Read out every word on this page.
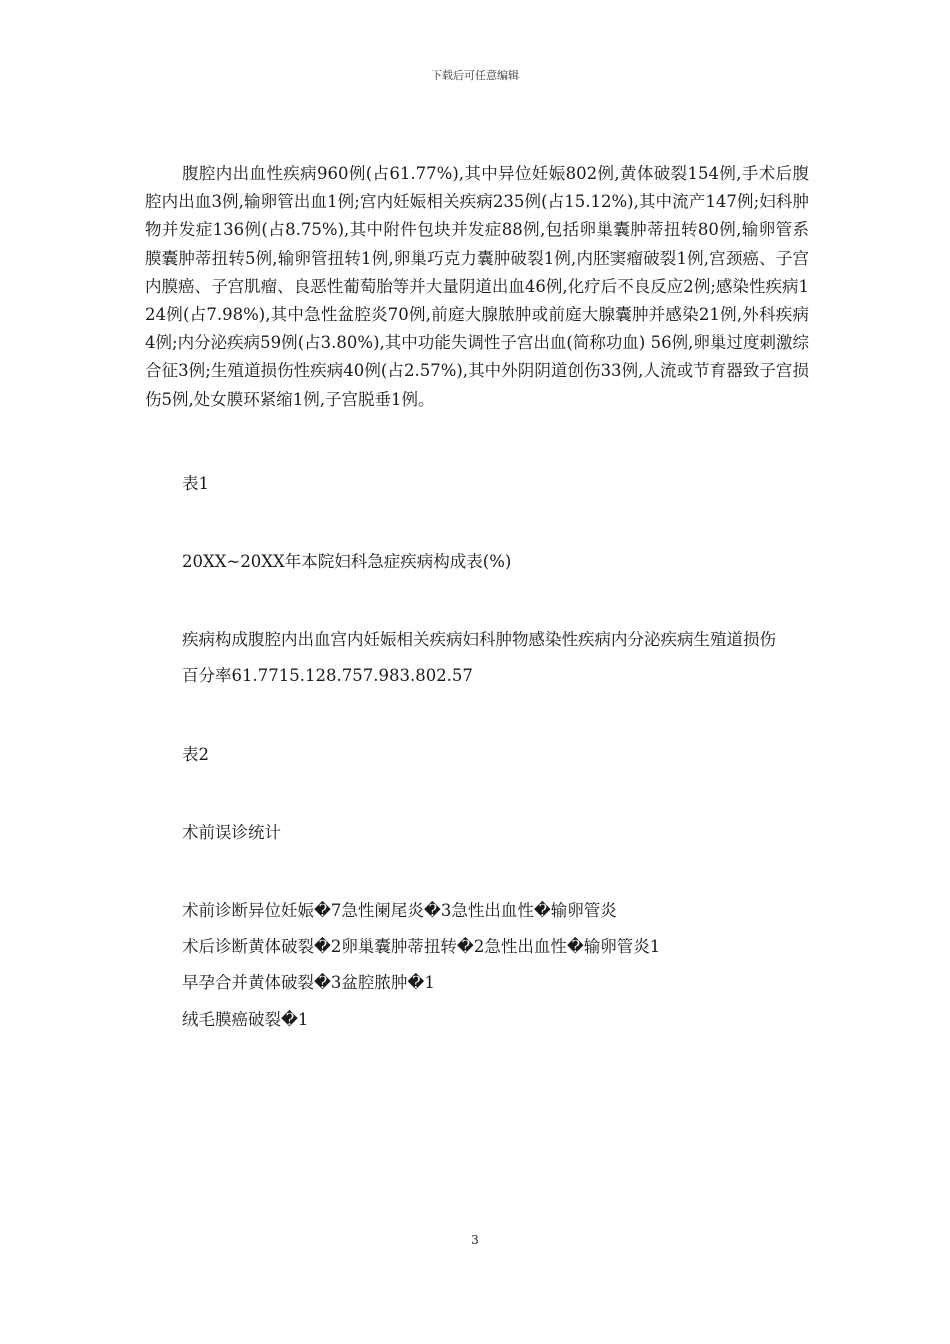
下载后可任意编辑

腹腔内出血性疾病960例(占61.77%),其中异位妊娠802例,黄体破裂154例,手术后腹腔内出血3例,输卵管出血1例;宫内妊娠相关疾病235例(占15.12%),其中流产147例;妇科肿物并发症136例(占8.75%),其中附件包块并发症88例,包括卵巢囊肿蒂扭转80例,输卵管系膜囊肿蒂扭转5例,输卵管扭转1例,卵巢巧克力囊肿破裂1例,内胚窦瘤破裂1例,宫颈癌、子宫内膜癌、子宫肌瘤、良恶性葡萄胎等并大量阴道出血46例,化疗后不良反应2例;感染性疾病124例(占7.98%),其中急性盆腔炎70例,前庭大腺脓肿或前庭大腺囊肿并感染21例,外科疾病4例;内分泌疾病59例(占3.80%),其中功能失调性子宫出血(简称功血) 56例,卵巢过度刺激综合征3例;生殖道损伤性疾病40例(占2.57%),其中外阴阴道创伤33例,人流或节育器致子宫损伤5例,处女膜环紧缩1例,子宫脱垂1例。

表1

20XX~20XX年本院妇科急症疾病构成表(%)

疾病构成腹腔内出血宫内妊娠相关疾病妇科肿物感染性疾病内分泌疾病生殖道损伤

百分率61.7715.128.757.983.802.57

表2

术前误诊统计

术前诊断异位妊娠�7急性阑尾炎�3急性出血性�输卵管炎

术后诊断黄体破裂�2卵巢囊肿蒂扭转�2急性出血性�输卵管炎1

早孕合并黄体破裂�3盆腔脓肿�1

绒毛膜癌破裂�1

3
